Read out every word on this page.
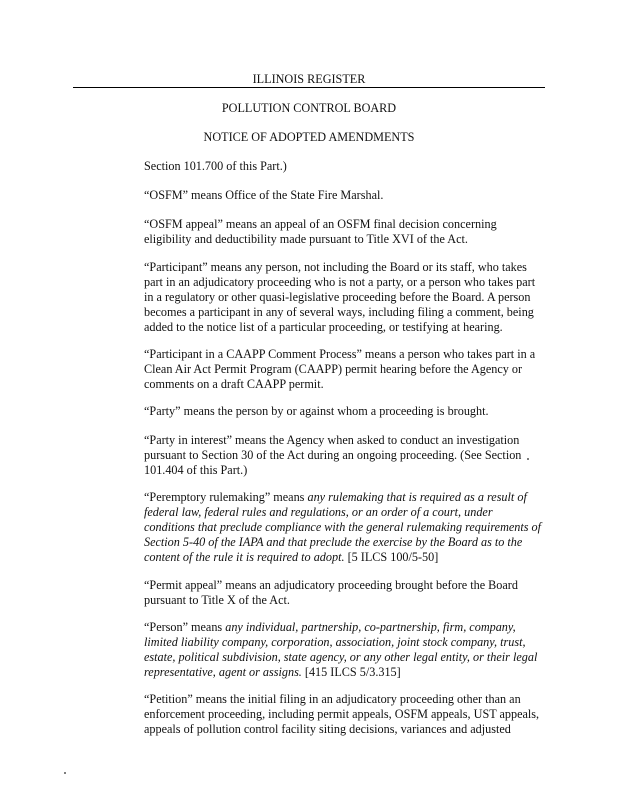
ILLINOIS REGISTER
POLLUTION CONTROL BOARD
NOTICE OF ADOPTED AMENDMENTS
Section 101.700 of this Part.)
“OSFM” means Office of the State Fire Marshal.
“OSFM appeal” means an appeal of an OSFM final decision concerning
eligibility and deductibility made pursuant to Title XVI of the Act.
“Participant” means any person, not including the Board or its staff, who takes
part in an adjudicatory proceeding who is not a party, or a person who takes part
in a regulatory or other quasi-legislative proceeding before the Board. A person
becomes a participant in any of several ways, including filing a comment, being
added to the notice list of a particular proceeding, or testifying at hearing.
“Participant in a CAAPP Comment Process” means a person who takes part in a
Clean Air Act Permit Program (CAAPP) permit hearing before the Agency or
comments on a draft CAAPP permit.
“Party” means the person by or against whom a proceeding is brought.
“Party in interest” means the Agency when asked to conduct an investigation
pursuant to Section 30 of the Act during an ongoing proceeding. (See Section
101.404 of this Part.)
“Peremptory rulemaking” means any rulemaking that is required as a result of
federal law, federal rules and regulations, or an order of a court, under
conditions that preclude compliance with the general rulemaking requirements of
Section 5-40 of the IAPA and that preclude the exercise by the Board as to the
content of the rule it is required to adopt. [5 ILCS 100/5-50]
“Permit appeal” means an adjudicatory proceeding brought before the Board
pursuant to Title X of the Act.
“Person” means any individual, partnership, co-partnership, firm, company,
limited liability company, corporation, association, joint stock company, trust,
estate, political subdivision, state agency, or any other legal entity, or their legal
representative, agent or assigns. [415 ILCS 5/3.315]
“Petition” means the initial filing in an adjudicatory proceeding other than an
enforcement proceeding, including permit appeals, OSFM appeals, UST appeals,
appeals of pollution control facility siting decisions, variances and adjusted
